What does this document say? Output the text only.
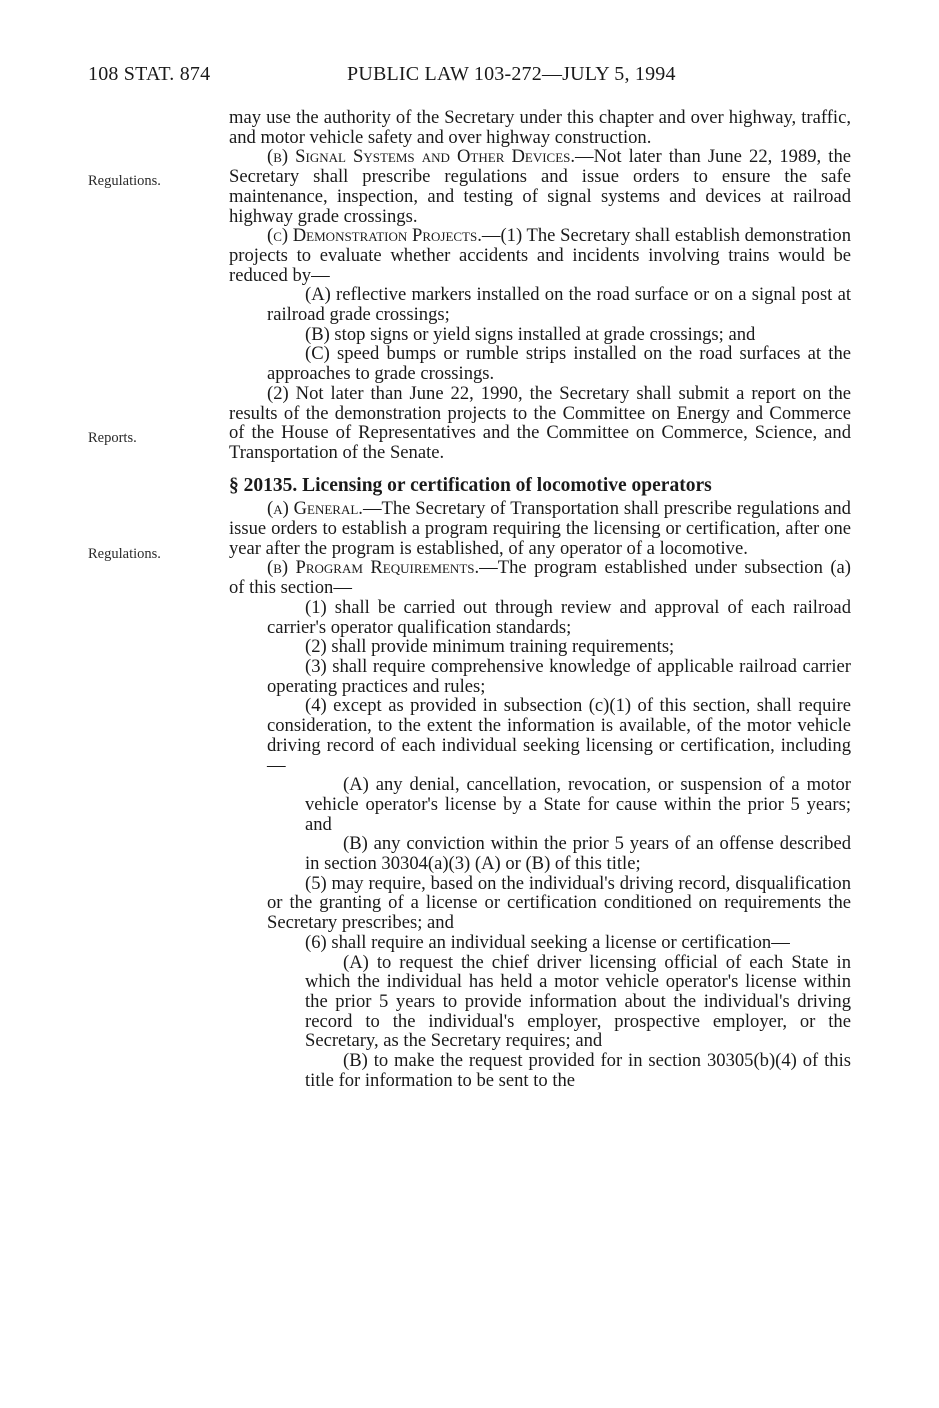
108 STAT. 874	PUBLIC LAW 103-272—JULY 5, 1994
Regulations.
Reports.
Regulations.

may use the authority of the Secretary under this chapter and over highway, traffic, and motor vehicle safety and over highway construction.

(b) Signal Systems and Other Devices.—Not later than June 22, 1989, the Secretary shall prescribe regulations and issue orders to ensure the safe maintenance, inspection, and testing of signal systems and devices at railroad highway grade crossings.

(c) Demonstration Projects.—(1) The Secretary shall establish demonstration projects to evaluate whether accidents and incidents involving trains would be reduced by—

(A) reflective markers installed on the road surface or on a signal post at railroad grade crossings;

(B) stop signs or yield signs installed at grade crossings; and

(C) speed bumps or rumble strips installed on the road surfaces at the approaches to grade crossings.

(2) Not later than June 22, 1990, the Secretary shall submit a report on the results of the demonstration projects to the Committee on Energy and Commerce of the House of Representatives and the Committee on Commerce, Science, and Transportation of the Senate.

§ 20135. Licensing or certification of locomotive operators

(a) General.—The Secretary of Transportation shall prescribe regulations and issue orders to establish a program requiring the licensing or certification, after one year after the program is established, of any operator of a locomotive.

(b) Program Requirements.—The program established under subsection (a) of this section—

(1) shall be carried out through review and approval of each railroad carrier's operator qualification standards;

(2) shall provide minimum training requirements;

(3) shall require comprehensive knowledge of applicable railroad carrier operating practices and rules;

(4) except as provided in subsection (c)(1) of this section, shall require consideration, to the extent the information is available, of the motor vehicle driving record of each individual seeking licensing or certification, including—

(A) any denial, cancellation, revocation, or suspension of a motor vehicle operator's license by a State for cause within the prior 5 years; and

(B) any conviction within the prior 5 years of an offense described in section 30304(a)(3) (A) or (B) of this title;

(5) may require, based on the individual's driving record, disqualification or the granting of a license or certification conditioned on requirements the Secretary prescribes; and

(6) shall require an individual seeking a license or certification—

(A) to request the chief driver licensing official of each State in which the individual has held a motor vehicle operator's license within the prior 5 years to provide information about the individual's driving record to the individual's employer, prospective employer, or the Secretary, as the Secretary requires; and

(B) to make the request provided for in section 30305(b)(4) of this title for information to be sent to the
